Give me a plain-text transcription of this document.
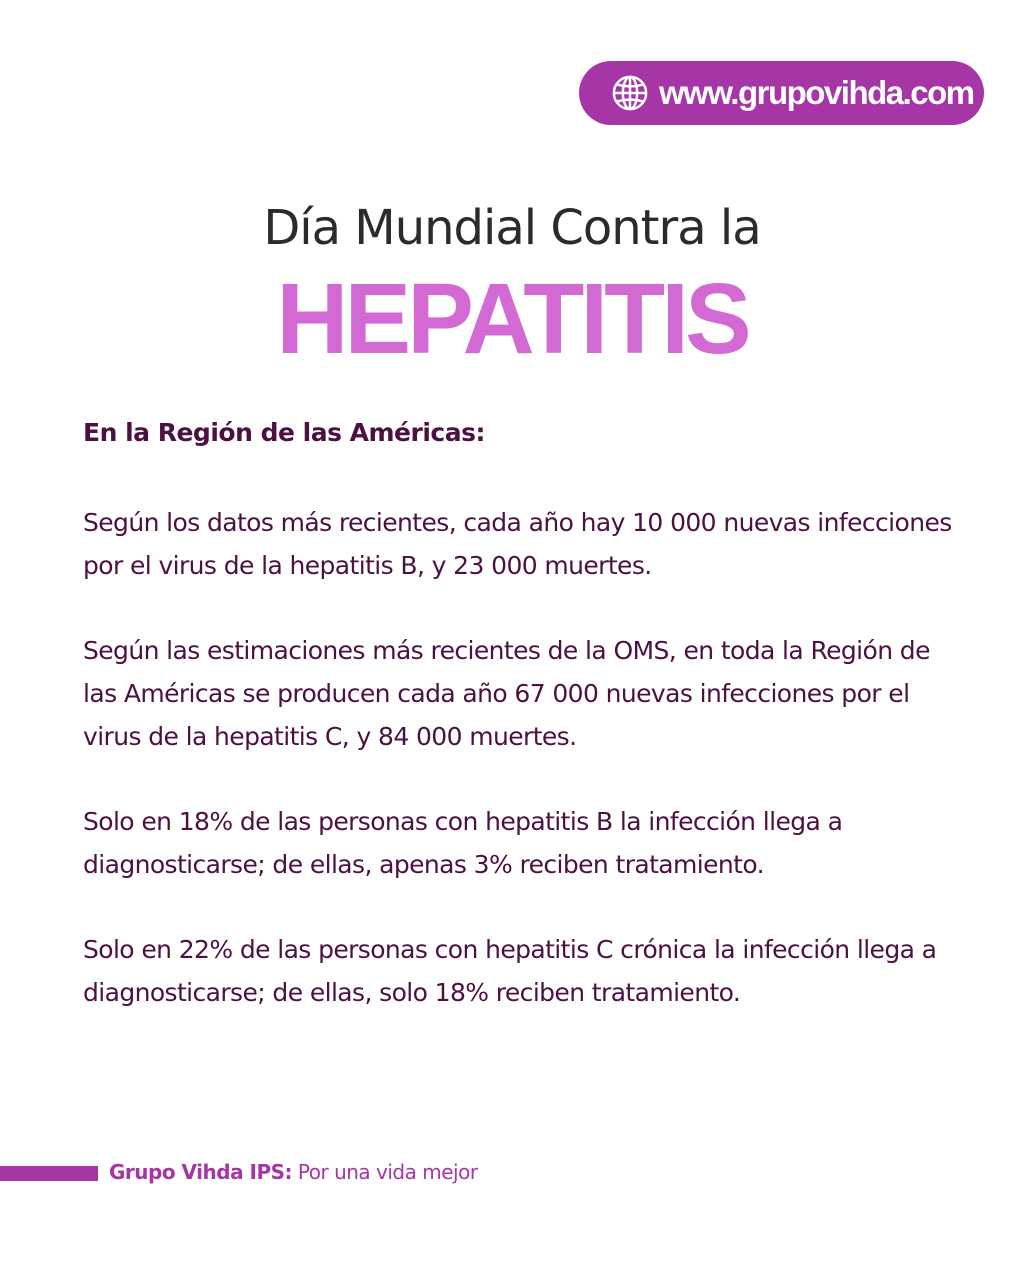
www.grupovihda.com
Día Mundial Contra la
HEPATITIS

En la Región de las Américas:

Según los datos más recientes, cada año hay 10 000 nuevas infecciones por el virus de la hepatitis B, y 23 000 muertes.

Según las estimaciones más recientes de la OMS, en toda la Región de las Américas se producen cada año 67 000 nuevas infecciones por el virus de la hepatitis C, y 84 000 muertes.

Solo en 18% de las personas con hepatitis B la infección llega a diagnosticarse; de ellas, apenas 3% reciben tratamiento.

Solo en 22% de las personas con hepatitis C crónica la infección llega a diagnosticarse; de ellas, solo 18% reciben tratamiento.

Grupo Vihda IPS: Por una vida mejor
